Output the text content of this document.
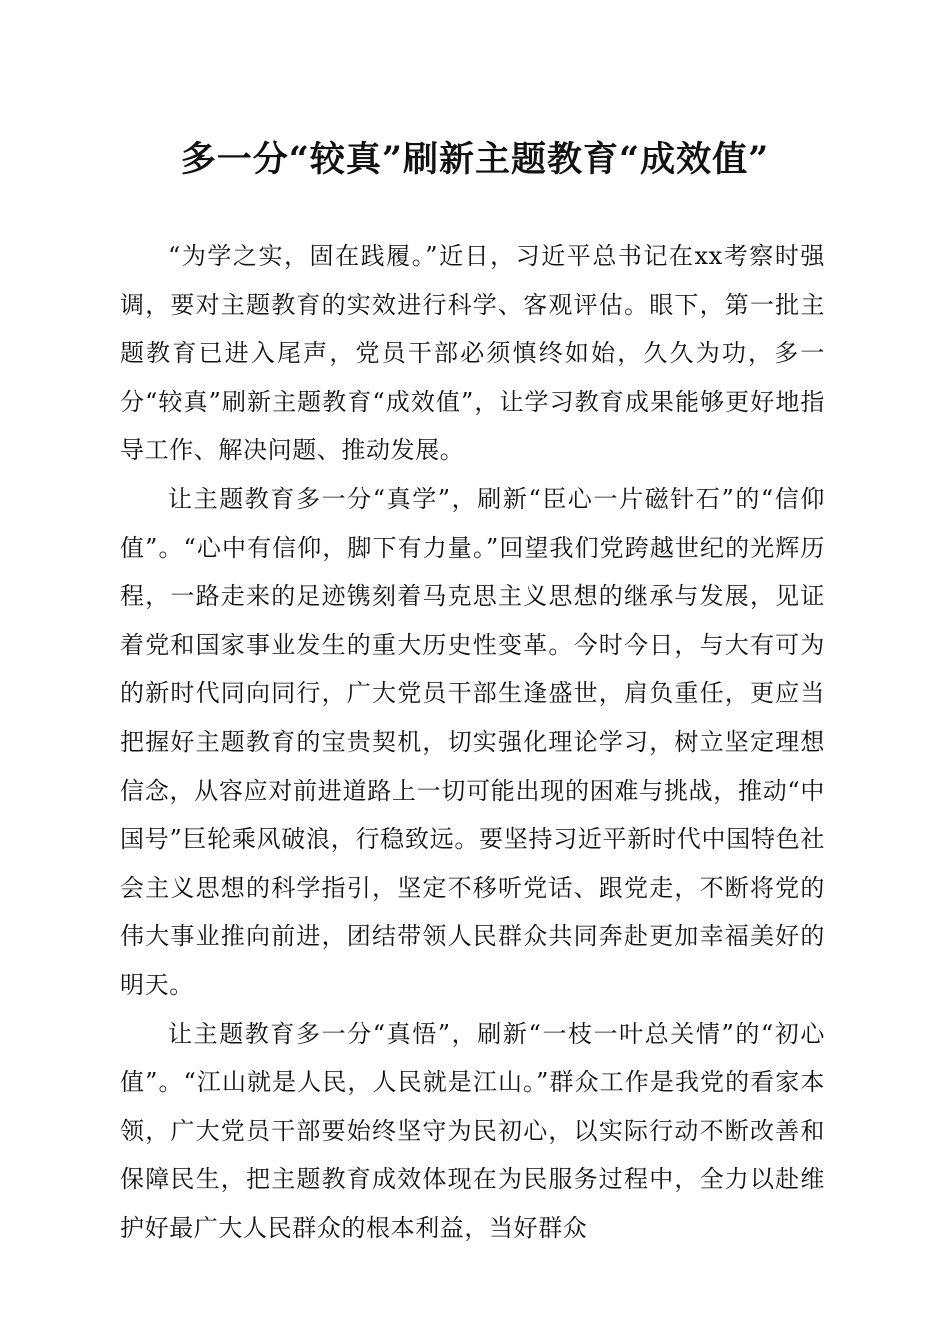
多一分“较真”刷新主题教育“成效值”

“为学之实，固在践履。”近日，习近平总书记在xx考察时强调，要对主题教育的实效进行科学、客观评估。眼下，第一批主题教育已进入尾声，党员干部必须慎终如始，久久为功，多一分“较真”刷新主题教育“成效值”，让学习教育成果能够更好地指导工作、解决问题、推动发展。

让主题教育多一分“真学”，刷新“臣心一片磁针石”的“信仰值”。“心中有信仰，脚下有力量。”回望我们党跨越世纪的光辉历程，一路走来的足迹镌刻着马克思主义思想的继承与发展，见证着党和国家事业发生的重大历史性变革。今时今日，与大有可为的新时代同向同行，广大党员干部生逢盛世，肩负重任，更应当把握好主题教育的宝贵契机，切实强化理论学习，树立坚定理想信念，从容应对前进道路上一切可能出现的困难与挑战，推动“中国号”巨轮乘风破浪，行稳致远。要坚持习近平新时代中国特色社会主义思想的科学指引，坚定不移听党话、跟党走，不断将党的伟大事业推向前进，团结带领人民群众共同奔赴更加幸福美好的明天。

让主题教育多一分“真悟”，刷新“一枝一叶总关情”的“初心值”。“江山就是人民，人民就是江山。”群众工作是我党的看家本领，广大党员干部要始终坚守为民初心，以实际行动不断改善和保障民生，把主题教育成效体现在为民服务过程中，全力以赴维护好最广大人民群众的根本利益，当好群众
